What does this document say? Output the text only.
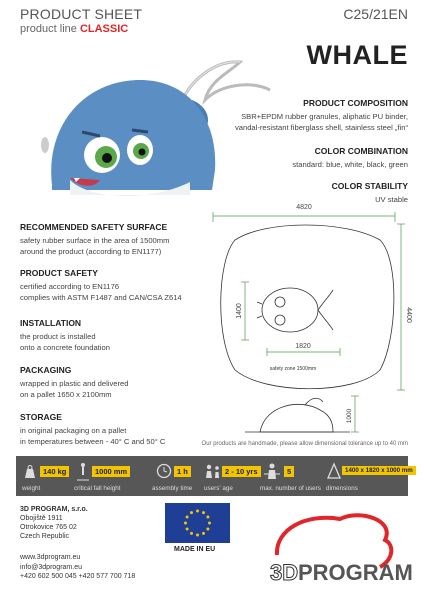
PRODUCT SHEET
product line CLASSIC
C25/21EN
WHALE
PRODUCT COMPOSITION
SBR+EPDM rubber granules, aliphatic PU binder,
vandal-resistant fiberglass shell, stainless steel „fin“
COLOR COMBINATION
standard: blue, white, black, green
COLOR STABILITY
UV stable
RECOMMENDED SAFETY SURFACE
safety rubber surface in the area of 1500mm
around the product (according to EN1177)
PRODUCT SAFETY
certified according to EN1176
complies with ASTM F1487 and CAN/CSA Z614
INSTALLATION
the product is installed
onto a concrete foundation
PACKAGING
wrapped in plastic and delivered
on a pallet 1650 x 2100mm
STORAGE
in original packaging on a pallet
in temperatures between - 40° C and 50° C
4820
4400
1400
1820
safety zone 1500mm
1000
Our products are handmade, please allow dimensional tolerance up to 40 mm
140 kg
weight
1000 mm
critical fall height
1 h
assembly time
2 - 10 yrs
users' age
5
max. number of users
1400 x 1820 x 1000 mm
dimensions
3D PROGRAM, s.r.o.
Obojiště 1911
Otrokovice 765 02
Czech Republic
www.3dprogram.eu
info@3dprogram.eu
+420 602 500 045 +420 577 700 718
MADE IN EU
3D PROGRAM
